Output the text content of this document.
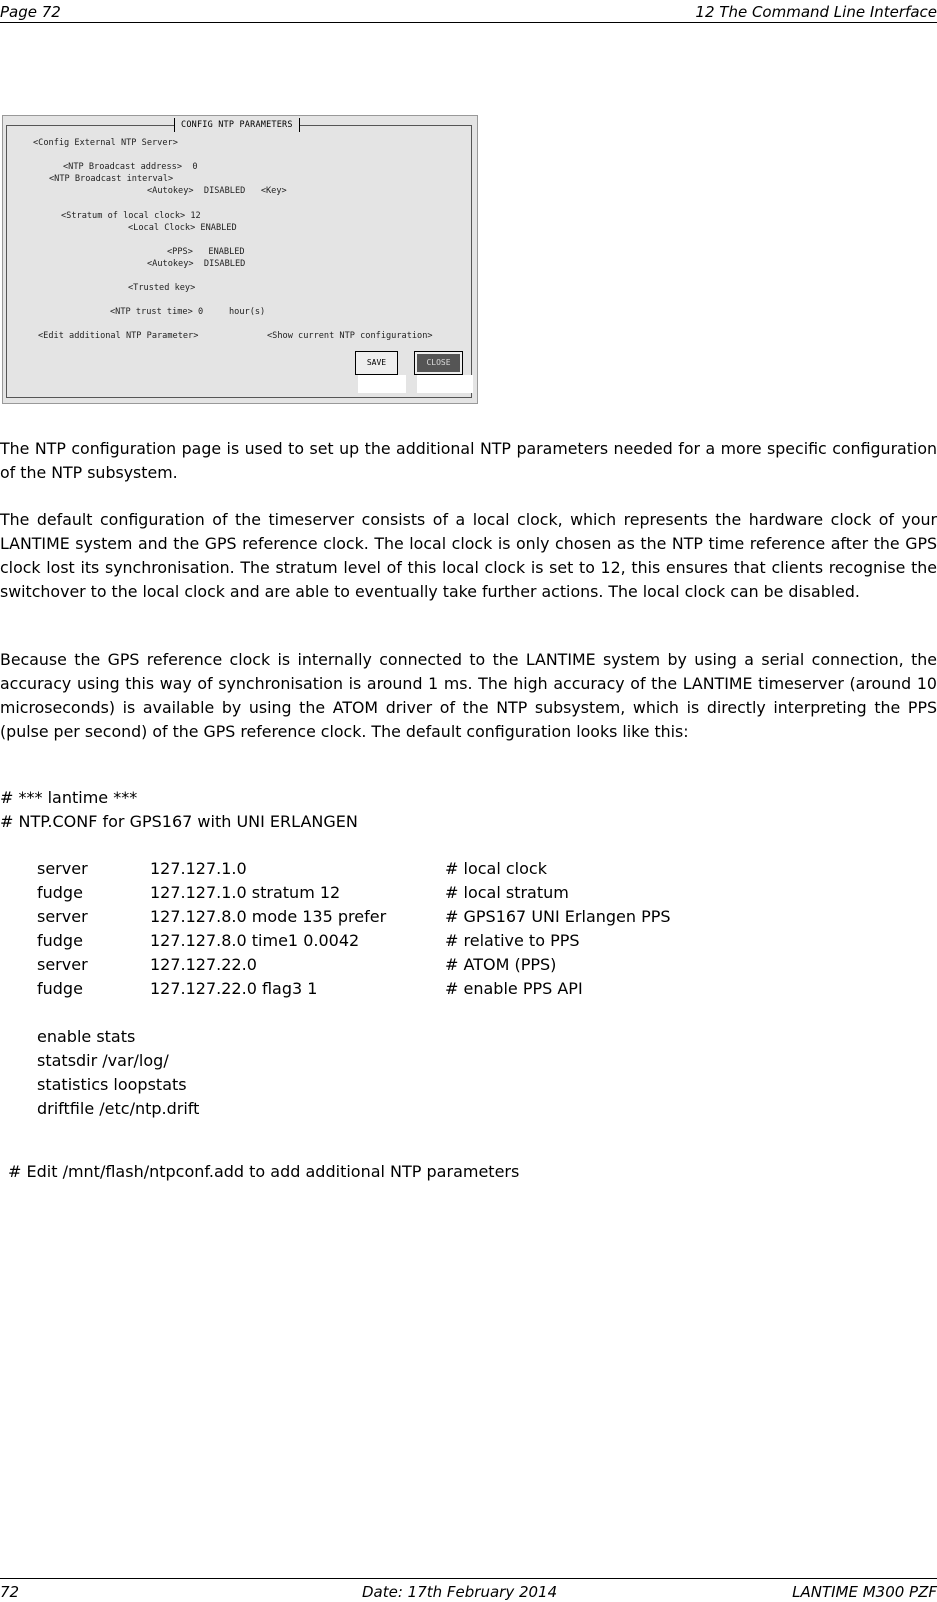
Page 72	12 The Command Line Interface
CONFIG NTP PARAMETERS
<Config External NTP Server>
<NTP Broadcast address>  0
<NTP Broadcast interval>
<Autokey>  DISABLED   <Key>
<Stratum of local clock> 12
<Local Clock> ENABLED
<PPS>   ENABLED
<Autokey>  DISABLED
<Trusted key>
<NTP trust time> 0     hour(s)
<Edit additional NTP Parameter>	<Show current NTP configuration>
SAVE	CLOSE
The NTP configuration page is used to set up the additional NTP parameters needed for a more specific configuration of the NTP subsystem.
The default configuration of the timeserver consists of a local clock, which represents the hardware clock of your LANTIME system and the GPS reference clock. The local clock is only chosen as the NTP time reference after the GPS clock lost its synchronisation. The stratum level of this local clock is set to 12, this ensures that clients recognise the switchover to the local clock and are able to eventually take further actions. The local clock can be disabled.
Because the GPS reference clock is internally connected to the LANTIME system by using a serial connection, the accuracy using this way of synchronisation is around 1 ms. The high accuracy of the LANTIME timeserver (around 10 microseconds) is available by using the ATOM driver of the NTP subsystem, which is directly interpreting the PPS (pulse per second) of the GPS reference clock. The default configuration looks like this:
# *** lantime ***
# NTP.CONF for GPS167 with UNI ERLANGEN
server	127.127.1.0	# local clock
fudge	127.127.1.0 stratum 12	# local stratum
server	127.127.8.0 mode 135 prefer	# GPS167 UNI Erlangen PPS
fudge	127.127.8.0 time1 0.0042	# relative to PPS
server	127.127.22.0	# ATOM (PPS)
fudge	127.127.22.0 flag3 1	# enable PPS API
enable stats
statsdir /var/log/
statistics loopstats
driftfile /etc/ntp.drift
# Edit /mnt/flash/ntpconf.add to add additional NTP parameters
72	Date: 17th February 2014	LANTIME M300 PZF
